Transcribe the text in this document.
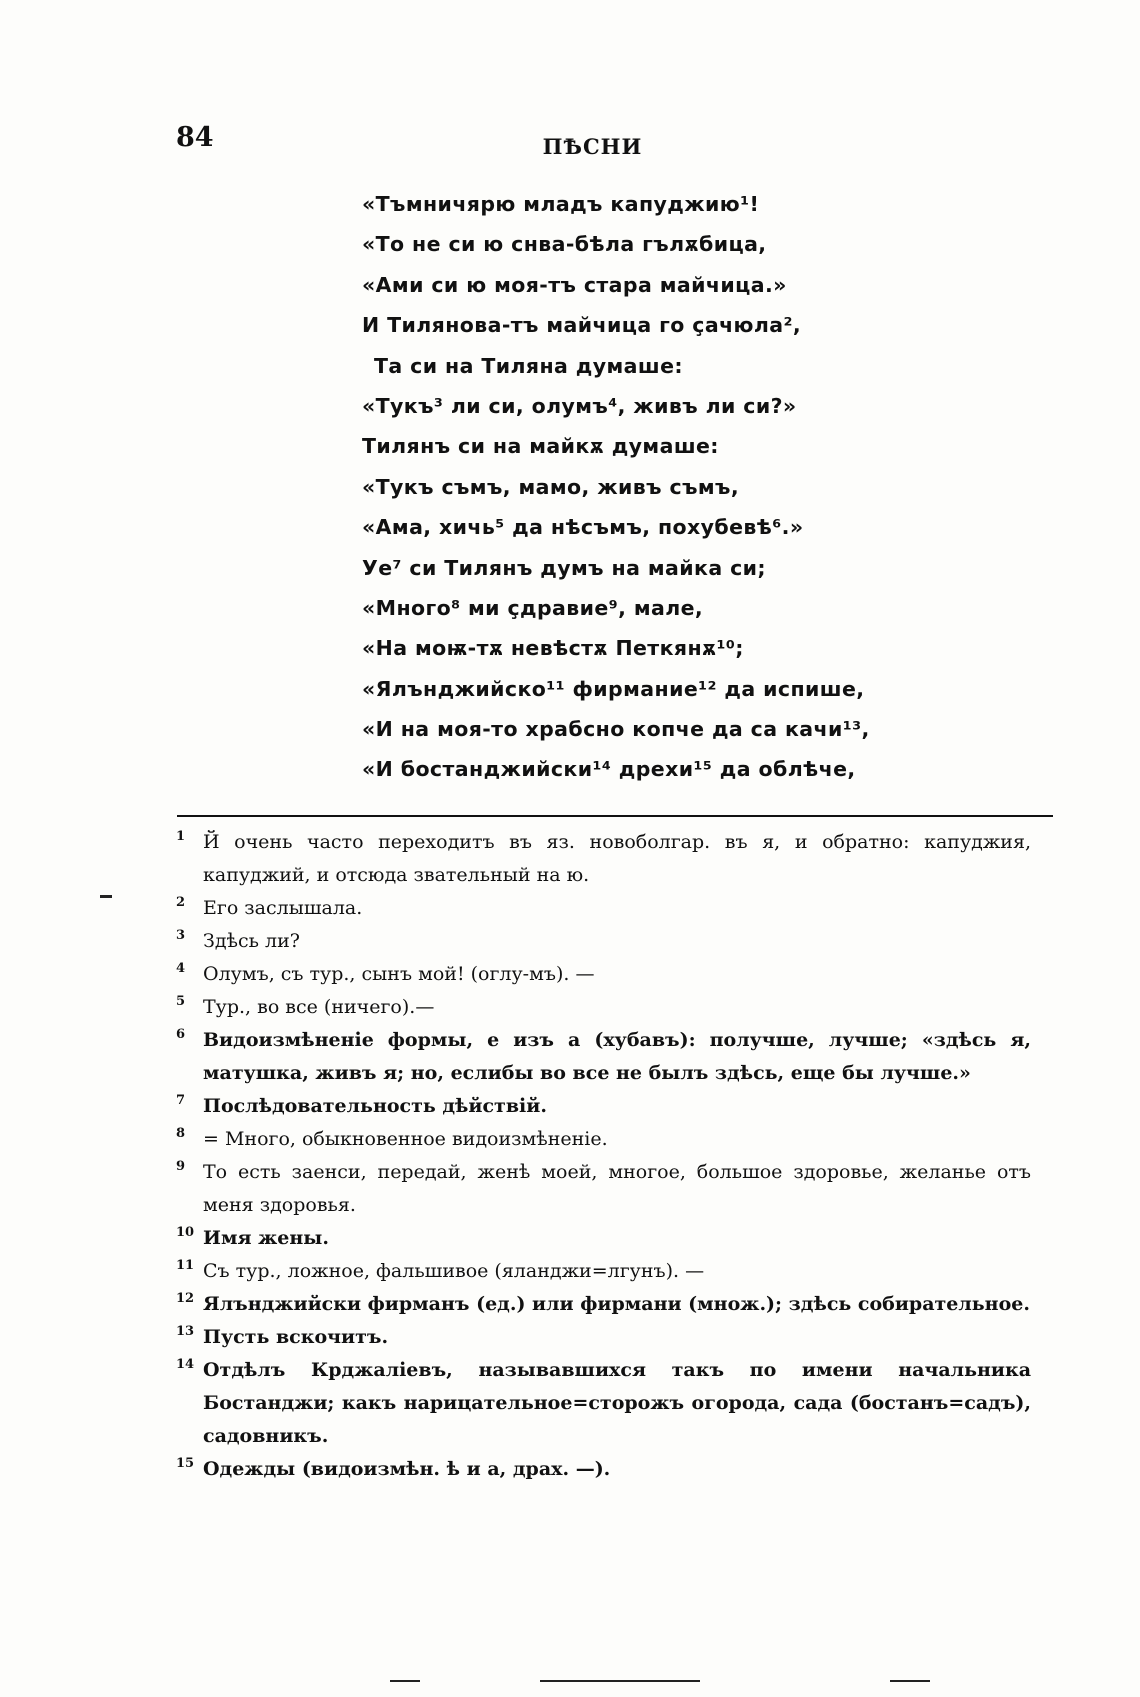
84	ПѢСНИ
«Тъмничярю младъ капуджию¹!
«То не си ю снва-бѣла гълѫбица,
«Ами си ю моя-тъ стара майчица.»
И Тилянова-тъ майчица го ҫачюла²,
Та си на Тиляна думаше:
«Тукъ³ ли си, олумъ⁴, живъ ли си?»
Тилянъ си на майкѫ думаше:
«Тукъ съмъ, мамо, живъ съмъ,
«Ама, хичь⁵ да нѣсъмъ, похубевѣ⁶.»
Уе⁷ си Тилянъ думъ на майка си;
«Много⁸ ми ҫдравие⁹, мале,
«На моѭ-тѫ невѣстѫ Петкянѫ¹⁰;
«Ялънджийско¹¹ фирмание¹² да испише,
«И на моя-то храбсно копче да са качи¹³,
«И бостанджийски¹⁴ дрехи¹⁵ да облѣче,
1 Й очень часто переходитъ въ яз. новоболгар. въ я, и обратно: капуджия, капуджий, и отсюда звательный на ю.
2 Его заслышала.
3 Здѣсь ли?
4 Олумъ, съ тур., сынъ мой! (оглу-мъ). —
5 Тур., во все (ничего).—
6 Видоизмѣненіе формы, е изъ а (хубавъ): получше, лучше; «здѣсь я, матушка, живъ я; но, еслибы во все не былъ здѣсь, еще бы лучше.»
7 Послѣдовательность дѣйствій.
8 = Много, обыкновенное видоизмѣненіе.
9 То есть заенси, передай, женѣ моей, многое, большое здоровье, желанье отъ меня здоровья.
10 Имя жены.
11 Съ тур., ложное, фальшивое (яланджи=лгунъ). —
12 Ялънджийски фирманъ (ед.) или фирмани (множ.); здѣсь собирательное.
13 Пусть вскочитъ.
14 Отдѣлъ Крджаліевъ, называвшихся такъ по имени начальника Бостанджи; какъ нарицательное=сторожъ огорода, сада (бостанъ=садъ), садовникъ.
15 Одежды (видоизмѣн. ѣ и а, драх. —).
